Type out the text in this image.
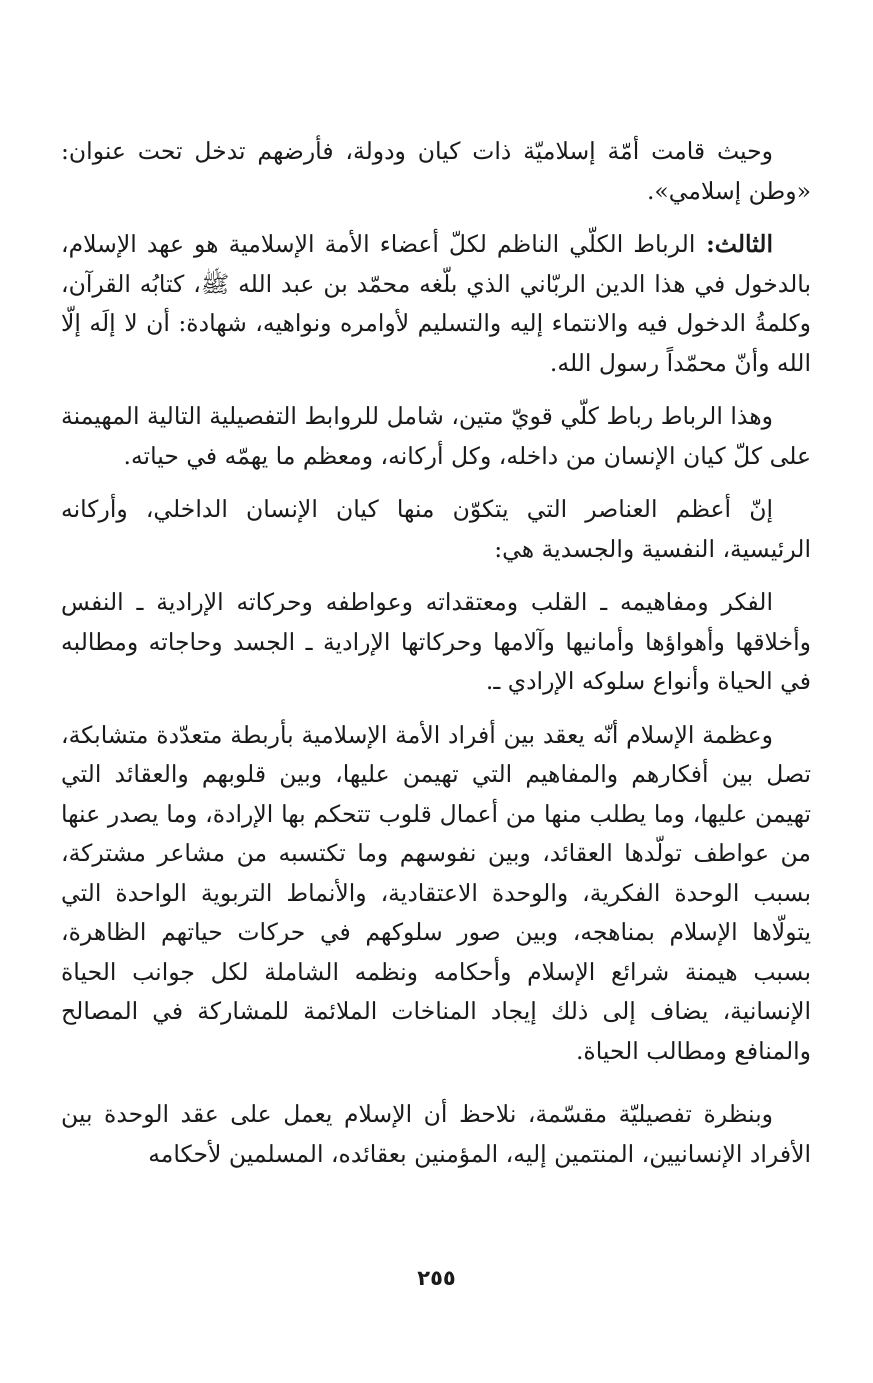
وحيث قامت أمّة إسلاميّة ذات كيان ودولة، فأرضهم تدخل تحت عنوان: «وطن إسلامي».

الثالث: الرباط الكلّي الناظم لكلّ أعضاء الأمة الإسلامية هو عهد الإسلام، بالدخول في هذا الدين الربّاني الذي بلّغه محمّد بن عبد الله ﷺ، كتابُه القرآن، وكلمةُ الدخول فيه والانتماء إليه والتسليم لأوامره ونواهيه، شهادة: أن لا إلَه إلّا الله وأنّ محمّداً رسول الله.

وهذا الرباط رباط كلّي قويّ متين، شامل للروابط التفصيلية التالية المهيمنة على كلّ كيان الإنسان من داخله، وكل أركانه، ومعظم ما يهمّه في حياته.

إنّ أعظم العناصر التي يتكوّن منها كيان الإنسان الداخلي، وأركانه الرئيسية، النفسية والجسدية هي:

الفكر ومفاهيمه ـ القلب ومعتقداته وعواطفه وحركاته الإرادية ـ النفس وأخلاقها وأهواؤها وأمانيها وآلامها وحركاتها الإرادية ـ الجسد وحاجاته ومطالبه في الحياة وأنواع سلوكه الإرادي ـ.

وعظمة الإسلام أنّه يعقد بين أفراد الأمة الإسلامية بأربطة متعدّدة متشابكة، تصل بين أفكارهم والمفاهيم التي تهيمن عليها، وبين قلوبهم والعقائد التي تهيمن عليها، وما يطلب منها من أعمال قلوب تتحكم بها الإرادة، وما يصدر عنها من عواطف تولّدها العقائد، وبين نفوسهم وما تكتسبه من مشاعر مشتركة، بسبب الوحدة الفكرية، والوحدة الاعتقادية، والأنماط التربوية الواحدة التي يتولّاها الإسلام بمناهجه، وبين صور سلوكهم في حركات حياتهم الظاهرة، بسبب هيمنة شرائع الإسلام وأحكامه ونظمه الشاملة لكل جوانب الحياة الإنسانية، يضاف إلى ذلك إيجاد المناخات الملائمة للمشاركة في المصالح والمنافع ومطالب الحياة.

وبنظرة تفصيليّة مقسّمة، نلاحظ أن الإسلام يعمل على عقد الوحدة بين الأفراد الإنسانيين، المنتمين إليه، المؤمنين بعقائده، المسلمين لأحكامه

٢٥٥
